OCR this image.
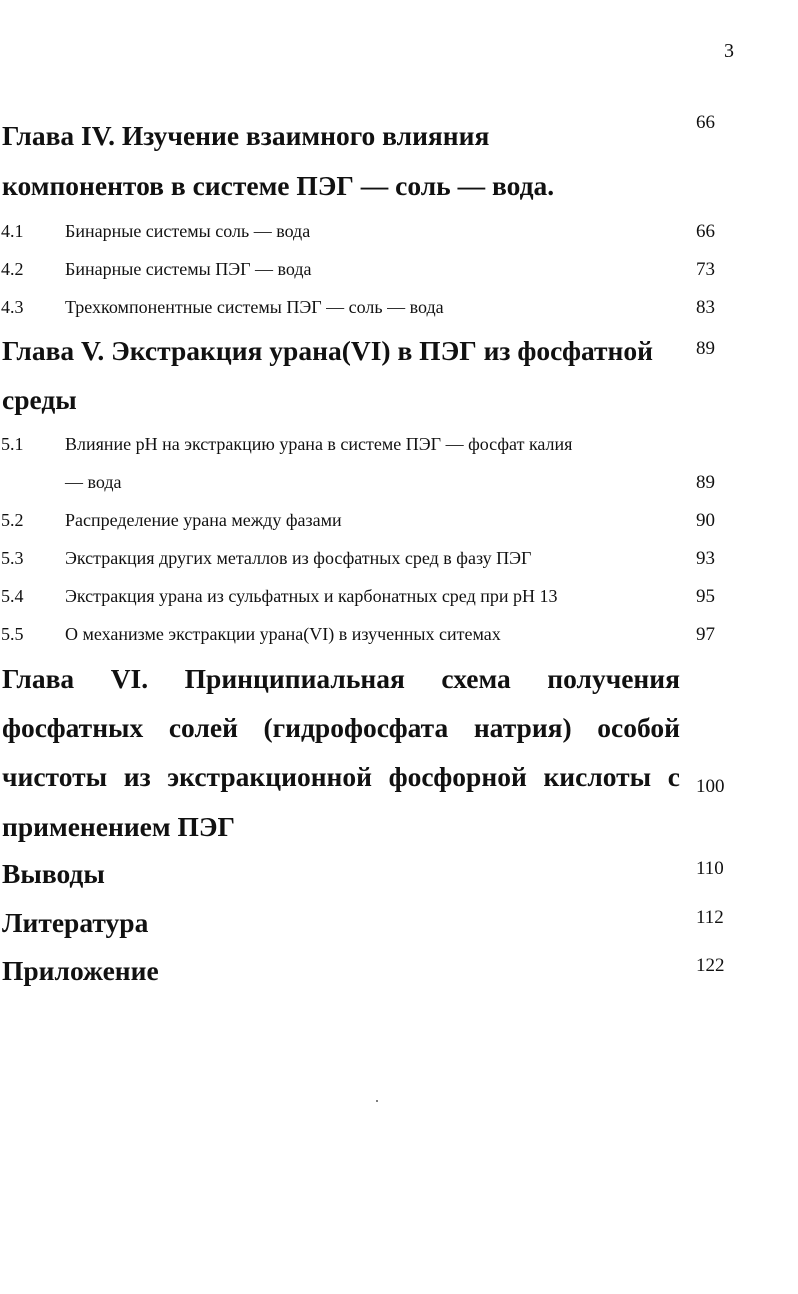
3
Глава IV. Изучение взаимного влияния	66
компонентов в системе ПЭГ — соль — вода.
4.1 Бинарные системы соль — вода	66
4.2 Бинарные системы ПЭГ — вода	73
4.3 Трехкомпонентные системы ПЭГ — соль — вода	83
Глава V. Экстракция урана(VI) в ПЭГ из фосфатной 89
среды
5.1 Влияние pH на экстракцию урана в системе ПЭГ — фосфат калия
— вода	89
5.2 Распределение урана между фазами	90
5.3 Экстракция других металлов из фосфатных сред в фазу ПЭГ	93
5.4 Экстракция урана из сульфатных и карбонатных сред при pH 13	95
5.5 О механизме экстракции урана(VI) в изученных ситемах	97
Глава VI. Принципиальная схема получения
фосфатных солей (гидрофосфата натрия) особой
чистоты из экстракционной фосфорной кислоты с 100
применением ПЭГ
Выводы	110
Литература	112
Приложение	122
